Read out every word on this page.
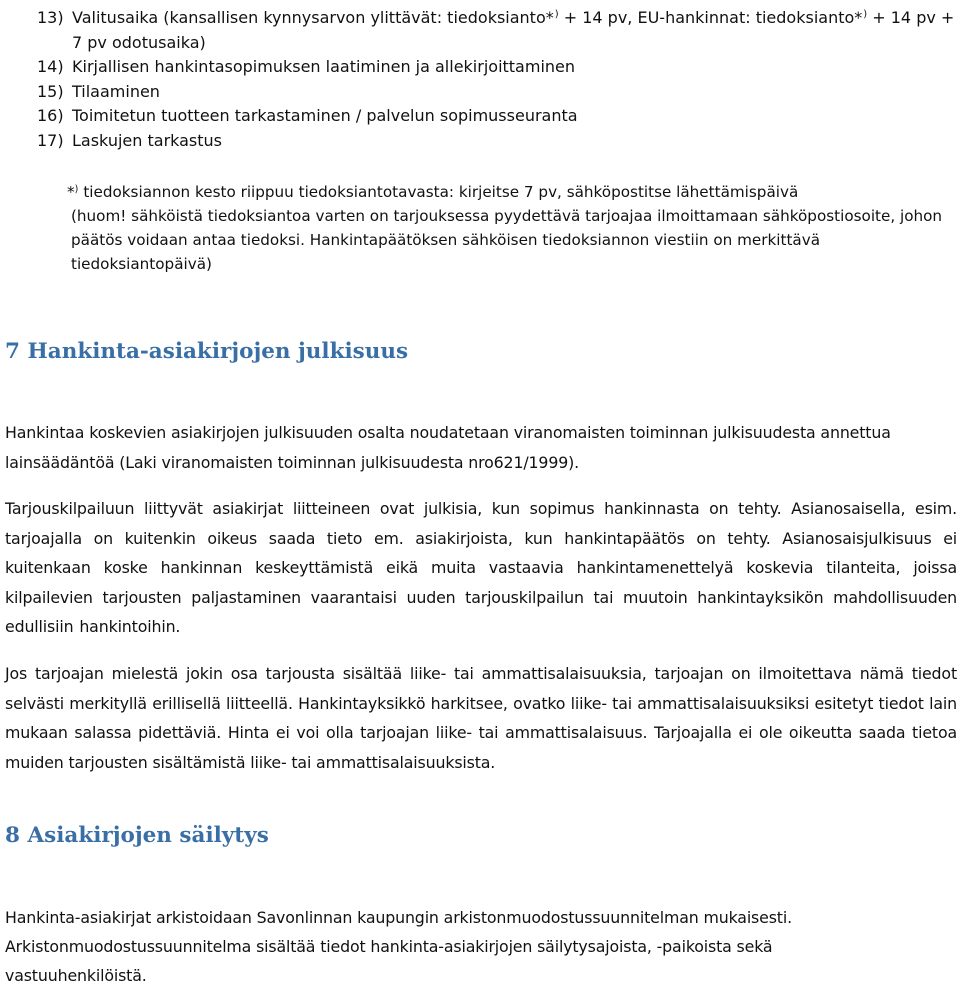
13) Valitusaika (kansallisen kynnysarvon ylittävät: tiedoksianto*) + 14 pv, EU-hankinnat: tiedoksianto*) + 14 pv + 7 pv odotusaika)
14) Kirjallisen hankintasopimuksen laatiminen ja allekirjoittaminen
15) Tilaaminen
16) Toimitetun tuotteen tarkastaminen / palvelun sopimusseuranta
17) Laskujen tarkastus
*) tiedoksiannon kesto riippuu tiedoksiantotavasta: kirjeitse 7 pv, sähköpostitse lähettämispäivä
(huom! sähköistä tiedoksiantoa varten on tarjouksessa pyydettävä tarjoajaa ilmoittamaan sähköpostiosoite, johon
päätös voidaan antaa tiedoksi. Hankintapäätöksen sähköisen tiedoksiannon viestiin on merkittävä
tiedoksiantopäivä)
7 Hankinta-asiakirjojen julkisuus
Hankintaa koskevien asiakirjojen julkisuuden osalta noudatetaan viranomaisten toiminnan julkisuudesta annettua lainsäädäntöä (Laki viranomaisten toiminnan julkisuudesta nro621/1999).
Tarjouskilpailuun liittyvät asiakirjat liitteineen ovat julkisia, kun sopimus hankinnasta on tehty. Asianosaisella, esim. tarjoajalla on kuitenkin oikeus saada tieto em. asiakirjoista, kun hankintapäätös on tehty. Asianosaisjulkisuus ei kuitenkaan koske hankinnan keskeyttämistä eikä muita vastaavia hankintamenettelyä koskevia tilanteita, joissa kilpailevien tarjousten paljastaminen vaarantaisi uuden tarjouskilpailun tai muutoin hankintayksikön mahdollisuuden edullisiin hankintoihin.
Jos tarjoajan mielestä jokin osa tarjousta sisältää liike- tai ammattisalaisuuksia, tarjoajan on ilmoitettava nämä tiedot selvästi merkityllä erillisellä liitteellä. Hankintayksikkö harkitsee, ovatko liike- tai ammattisalaisuuksiksi esitetyt tiedot lain mukaan salassa pidettäviä. Hinta ei voi olla tarjoajan liike- tai ammattisalaisuus. Tarjoajalla ei ole oikeutta saada tietoa muiden tarjousten sisältämistä liike- tai ammattisalaisuuksista.
8 Asiakirjojen säilytys
Hankinta-asiakirjat arkistoidaan Savonlinnan kaupungin arkistonmuodostussuunnitelman mukaisesti.
Arkistonmuodostussuunnitelma sisältää tiedot hankinta-asiakirjojen säilytysajoista, -paikoista sekä
vastuuhenkilöistä.
